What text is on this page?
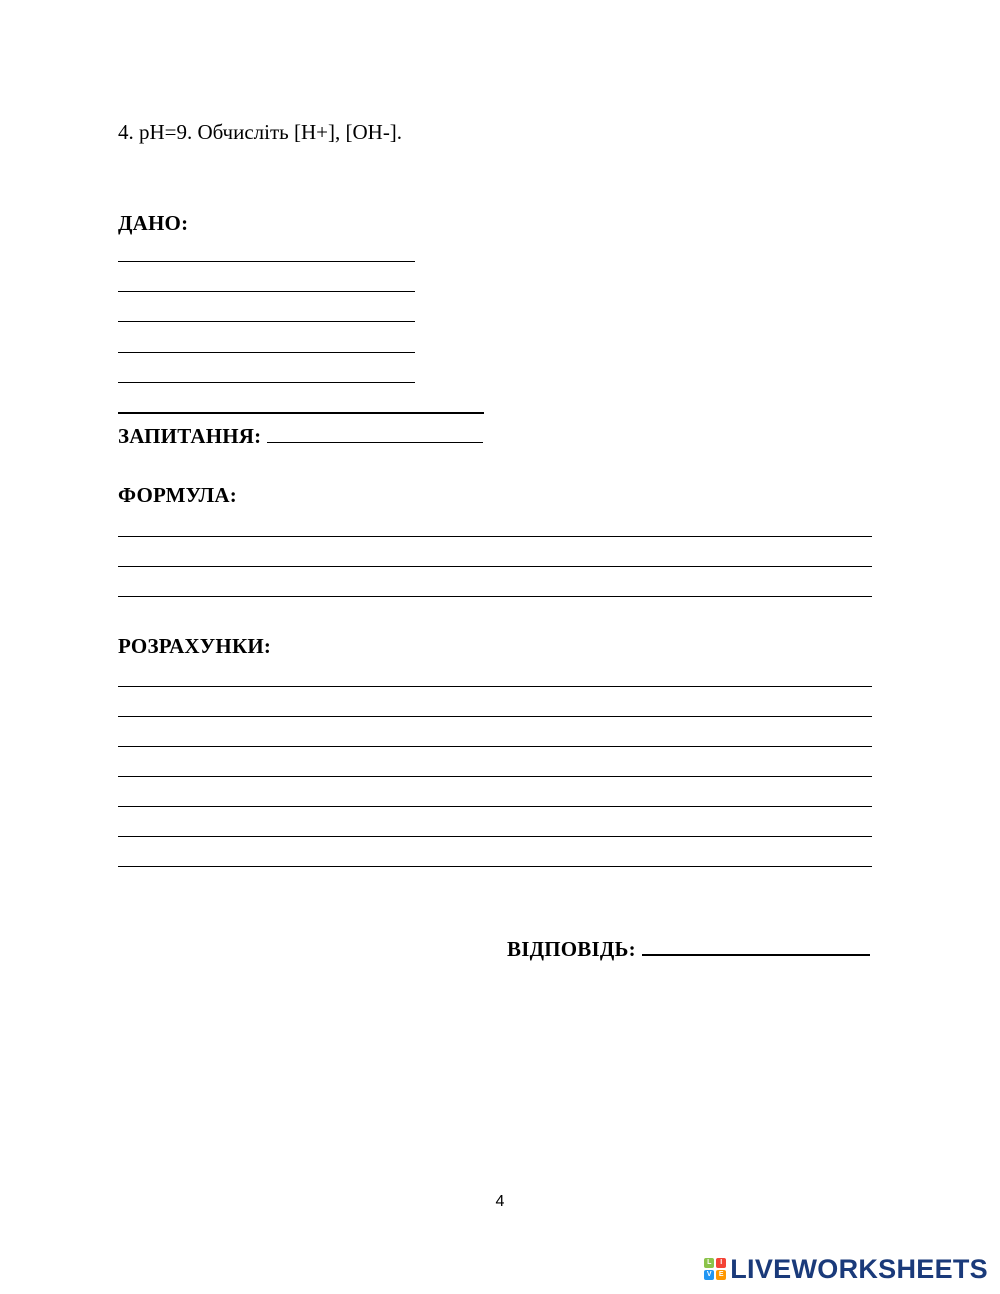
4. pH=9. Обчисліть [H+], [OH-].
ДАНО:
ЗАПИТАННЯ:
ФОРМУЛА:
РОЗРАХУНКИ:
ВІДПОВІДЬ:
4
L	I
V	E LIVEWORKSHEETS
